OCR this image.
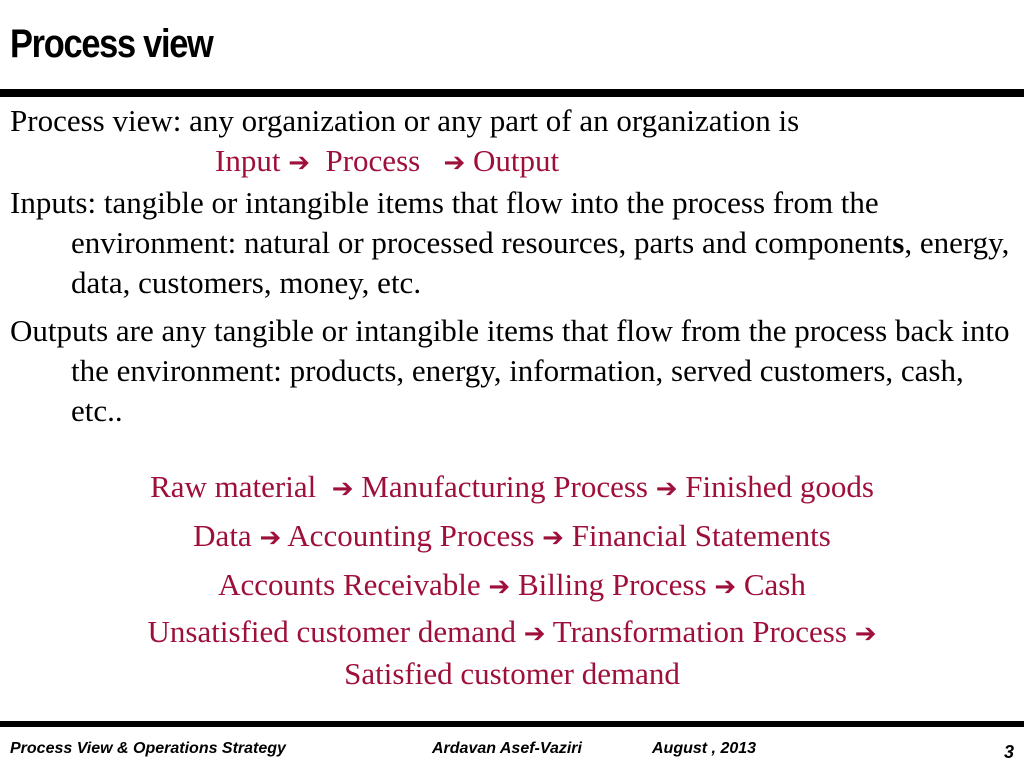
Process view

Process view: any organization or any part of an organization is

Input ➔ Process ➔ Output

Inputs: tangible or intangible items that flow into the process from the environment: natural or processed resources, parts and components, energy, data, customers, money, etc.

Outputs are any tangible or intangible items that flow from the process back into the environment: products, energy, information, served customers, cash, etc..

Raw material ➔ Manufacturing Process ➔ Finished goods
Data ➔ Accounting Process ➔ Financial Statements
Accounts Receivable ➔ Billing Process ➔ Cash
Unsatisfied customer demand ➔ Transformation Process ➔
Satisfied customer demand
Process View & Operations Strategy	Ardavan Asef-Vaziri	August , 2013	3
